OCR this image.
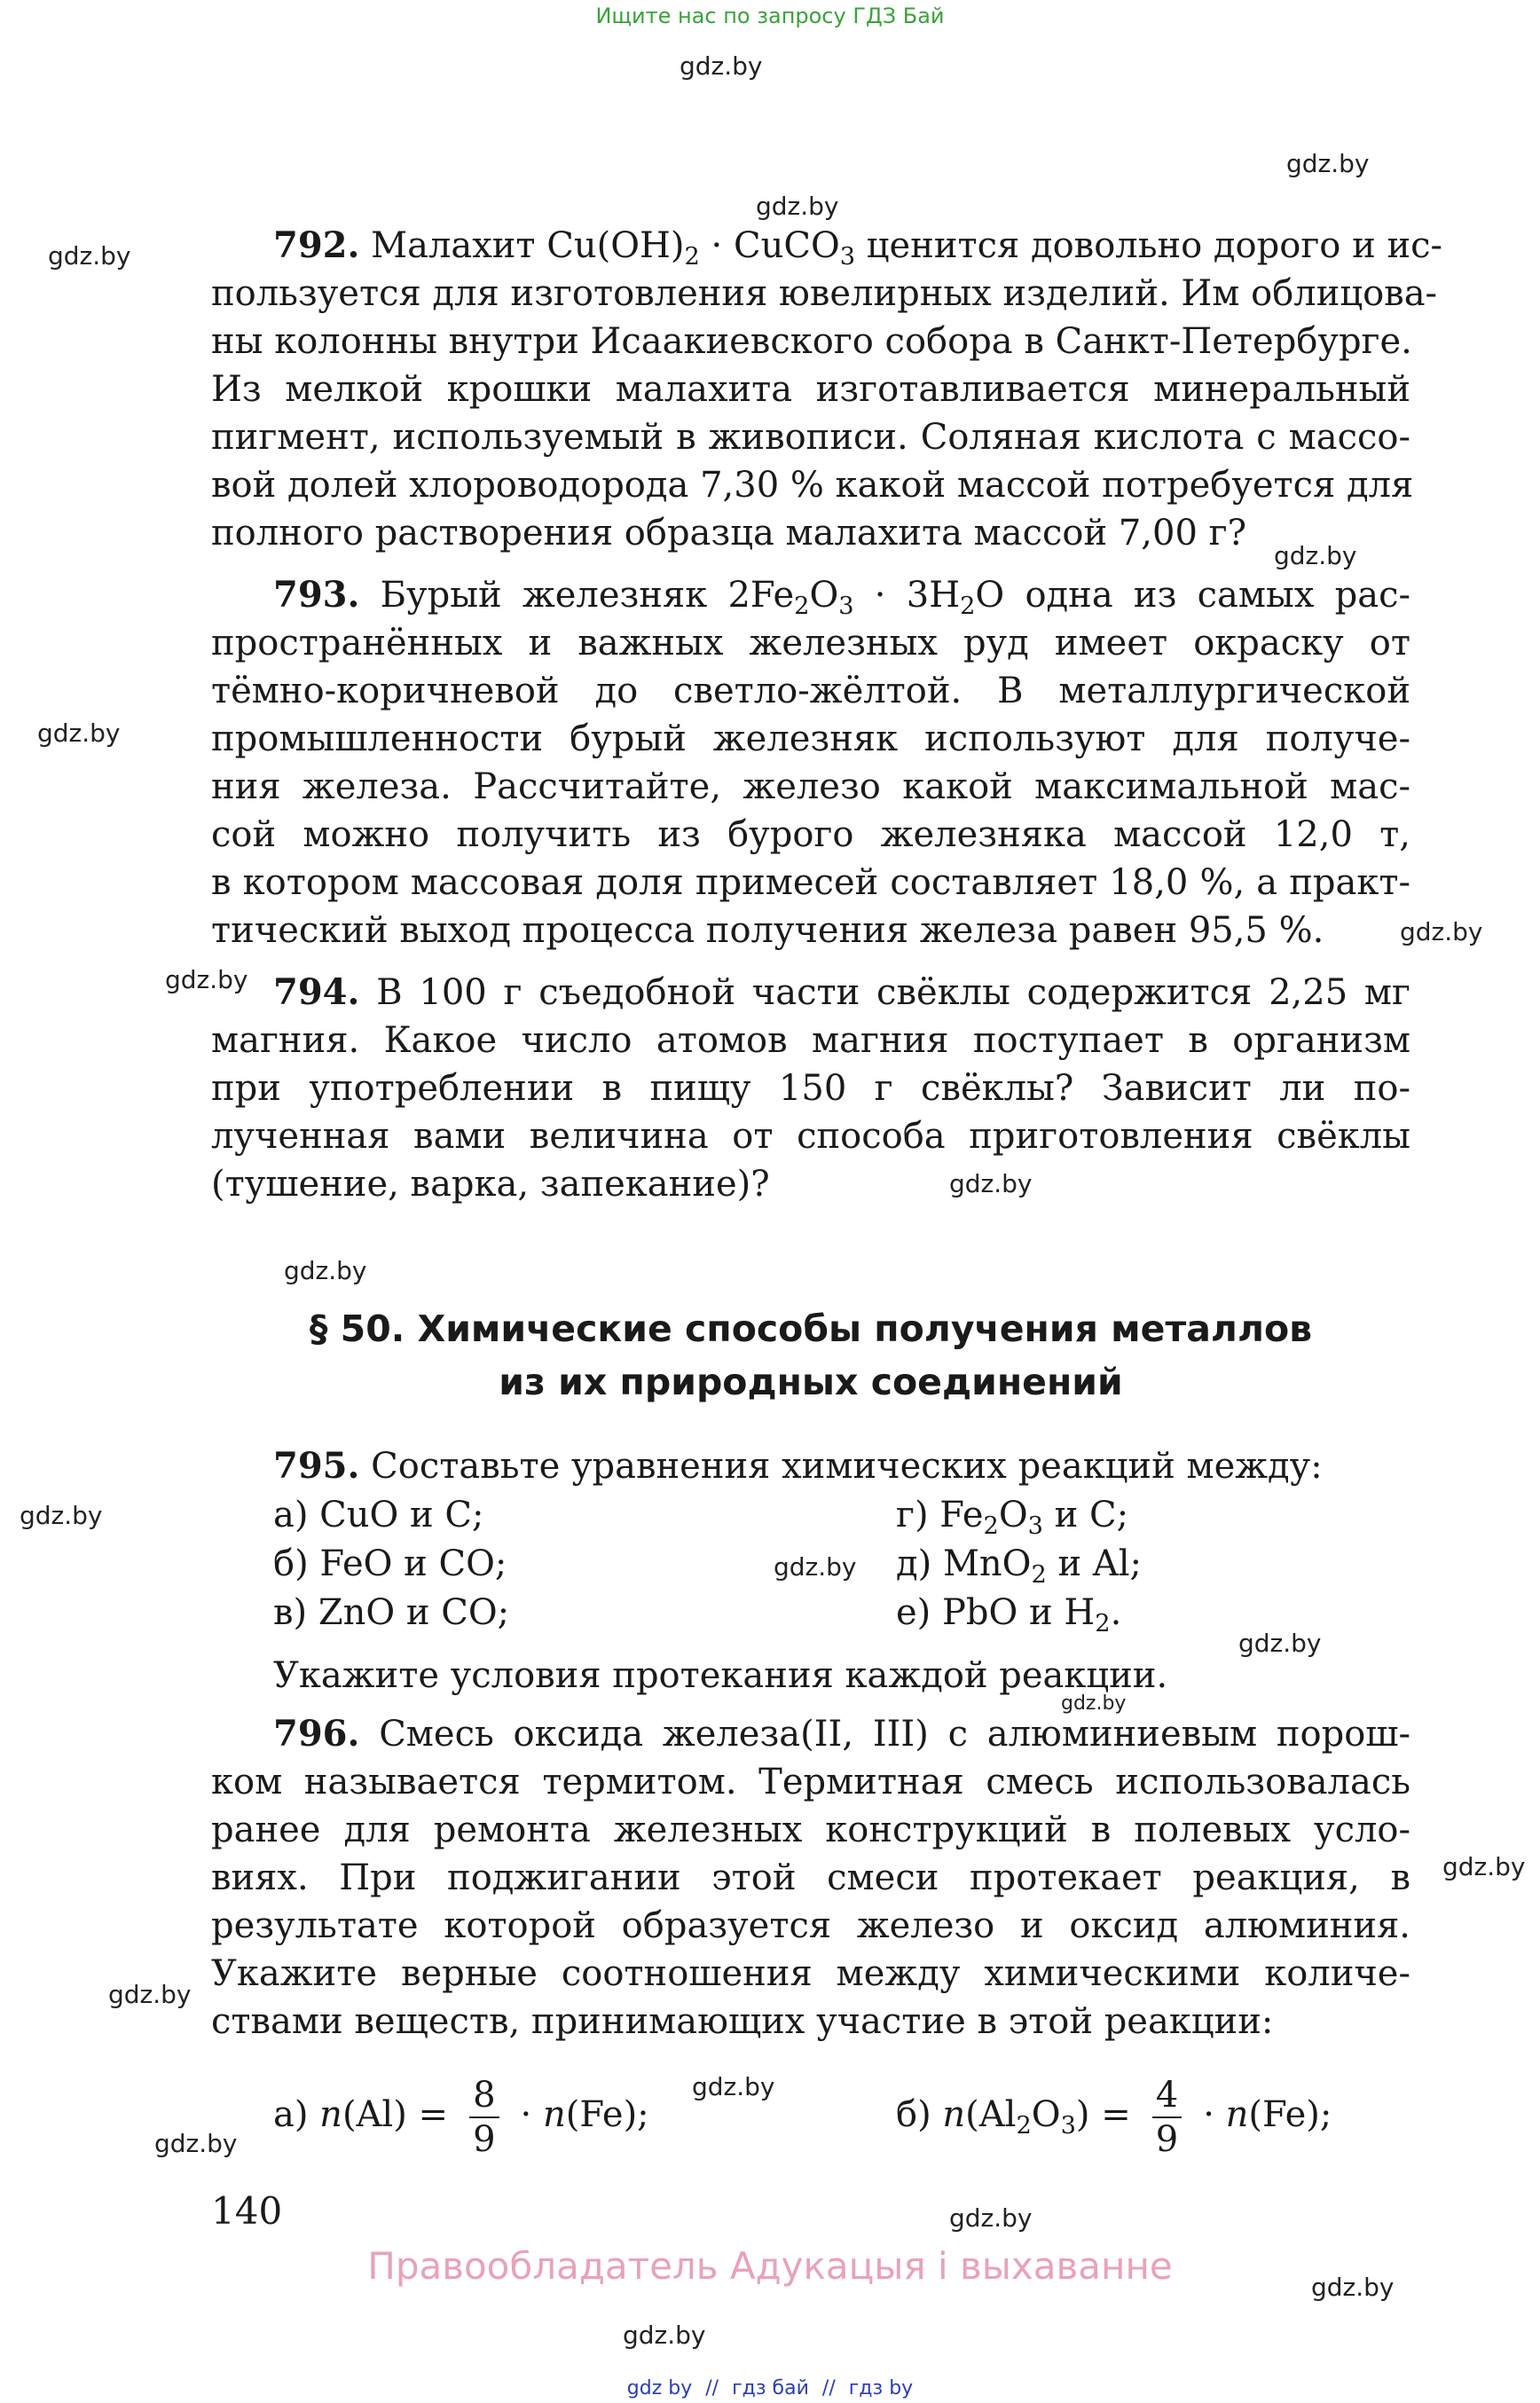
Ищите нас по запросу ГДЗ Бай
gdz.by
gdz.by
gdz.by
gdz.by
gdz.by
gdz.by
gdz.by
gdz.by
gdz.by
gdz.by
gdz.by
gdz.by
gdz.by
gdz.by
gdz.by
gdz.by
gdz.by
gdz.by
gdz.by
gdz.by
gdz.by

792. Малахит $Cu(OH)_2$ · CuCO$_3$ ценится довольно дорого и ис-

пользуется для изготовления ювелирных изделий. Им облицова-

ны колонны внутри Исаакиевского собора в Санкт-Петербурге.

Из мелкой крошки малахита изготавливается минеральный

пигмент, используемый в живописи. Соляная кислота с массо-

вой долей хлороводорода 7,30 % какой массой потребуется для

полного растворения образца малахита массой 7,00 г?

793. Бурый железняк $2Fe_2O_3 \cdot 3H_2O$ одна из самых рас-

пространённых и важных железных руд имеет окраску от

тёмно-коричневой до светло-жёлтой. В металлургической

промышленности бурый железняк используют для получе-

ния железа. Рассчитайте, железо какой максимальной мас-

сой можно получить из бурого железняка массой 12,0 т,

в котором массовая доля примесей составляет 18,0 %, а практ-

тический выход процесса получения железа равен 95,5 %.

794. В 100 г съедобной части свёклы содержится 2,25 мг

магния. Какое число атомов магния поступает в организм

при употреблении в пищу 150 г свёклы? Зависит ли по-

лученная вами величина от способа приготовления свёклы

(тушение, варка, запекание)?

§ 50. Химические способы получения металлов
из их природных соединений

795. Составьте уравнения химических реакций между:

а) CuO и C;
б) FeO и CO;
в) ZnO и CO;
г) $Fe_2O_3$ и C;
д) MnO$_2$ и Al;
е) PbO и $H_2$.
Укажите условия протекания каждой реакции.

796. Смесь оксида железа(II, III) с алюминиевым порош-

ком называется термитом. Термитная смесь использовалась

ранее для ремонта железных конструкций в полевых усло-

виях. При поджигании этой смеси протекает реакция, в

результате которой образуется железо и оксид алюминия.

Укажите верные соотношения между химическими количе-

ствами веществ, принимающих участие в этой реакции:

а) $n(Al) = \frac{8}{9} \cdot n(Fe)$;	б) $n(Al_2O_3) = \frac{4}{9} \cdot n(Fe)$;
140
Правообладатель Адукацыя і выхаванне
gdz by // гдз бай // гдз by
